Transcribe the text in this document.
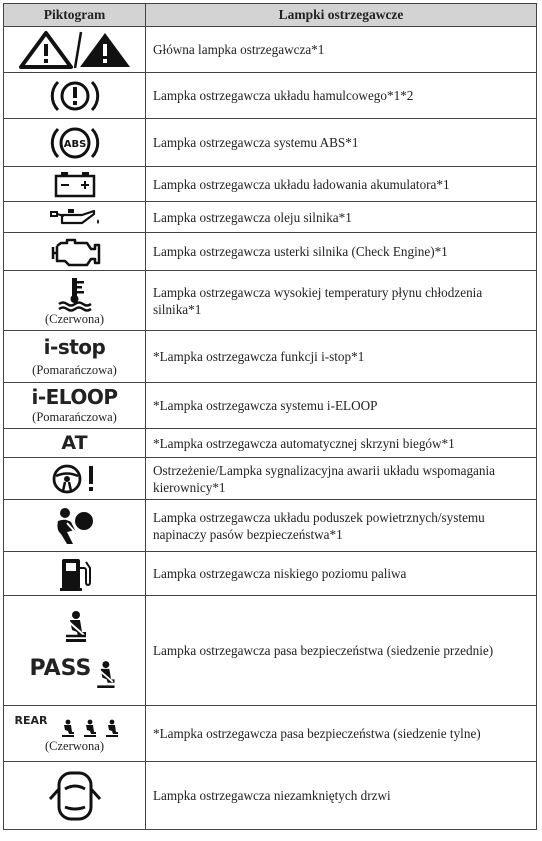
Piktogram	Lampki ostrzegawcze

	Główna lampka ostrzegawcza*1

	Lampka ostrzegawcza układu hamulcowego*1*2

ABS	Lampka ostrzegawcza systemu ABS*1

	Lampka ostrzegawcza układu ładowania akumulatora*1

	Lampka ostrzegawcza oleju silnika*1

	Lampka ostrzegawcza usterki silnika (Check Engine)*1

(Czerwona)	Lampka ostrzegawcza wysokiej temperatury płynu chłodzenia silnika*1

i-stop
(Pomarańczowa)	*Lampka ostrzegawcza funkcji i-stop*1

i-ELOOP
(Pomarańczowa)	*Lampka ostrzegawcza systemu i-ELOOP

AT	*Lampka ostrzegawcza automatycznej skrzyni biegów*1

	Ostrzeżenie/Lampka sygnalizacyjna awarii układu wspomagania kierownicy*1

	Lampka ostrzegawcza układu poduszek powietrznych/systemu napinaczy pasów bezpieczeństwa*1

	Lampka ostrzegawcza niskiego poziomu paliwa

PASS	Lampka ostrzegawcza pasa bezpieczeństwa (siedzenie przednie)

REAR
(Czerwona)	*Lampka ostrzegawcza pasa bezpieczeństwa (siedzenie tylne)

	Lampka ostrzegawcza niezamkniętych drzwi
